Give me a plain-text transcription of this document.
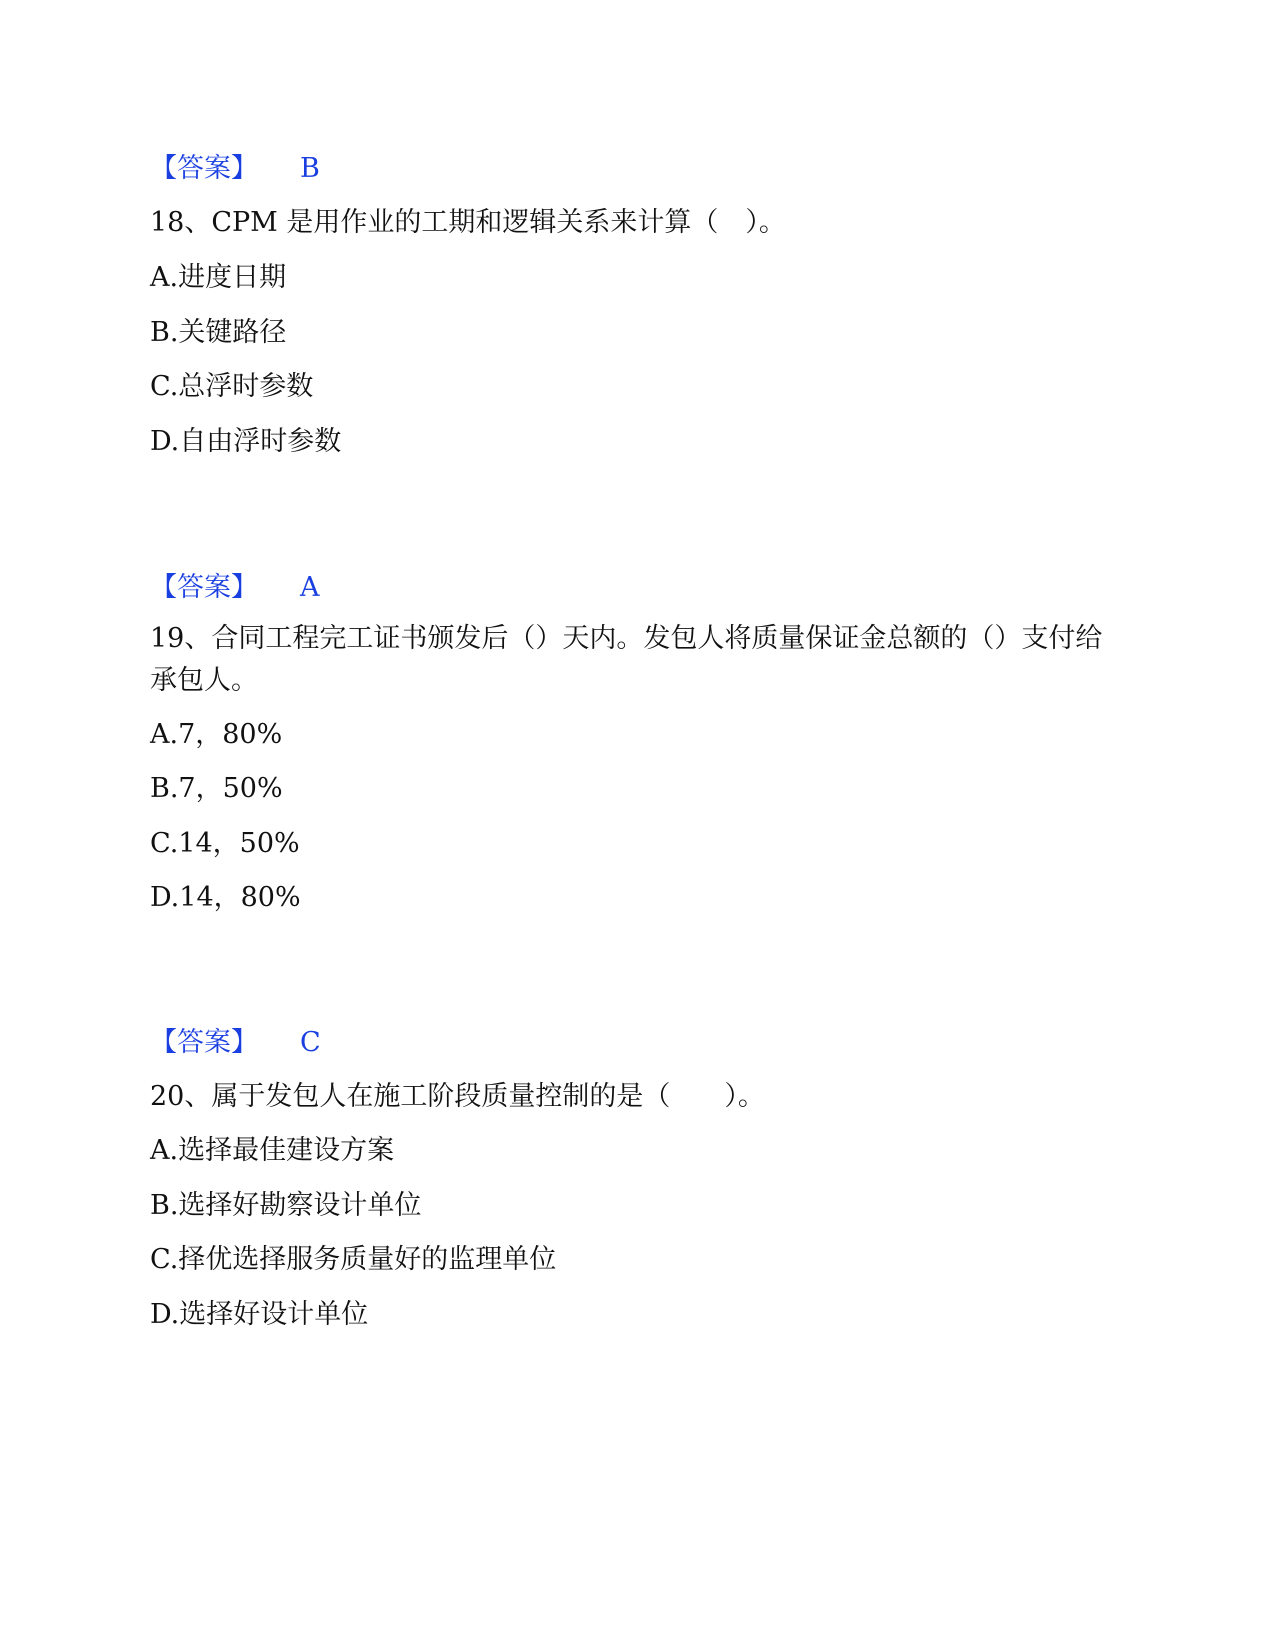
【答案】 B
18、CPM 是用作业的工期和逻辑关系来计算（　）。
A.进度日期
B.关键路径
C.总浮时参数
D.自由浮时参数
【答案】 A
19、合同工程完工证书颁发后（）天内。发包人将质量保证金总额的（）支付给承包人。
A.7，80%
B.7，50%
C.14，50%
D.14，80%
【答案】 C
20、属于发包人在施工阶段质量控制的是（　　）。
A.选择最佳建设方案
B.选择好勘察设计单位
C.择优选择服务质量好的监理单位
D.选择好设计单位
